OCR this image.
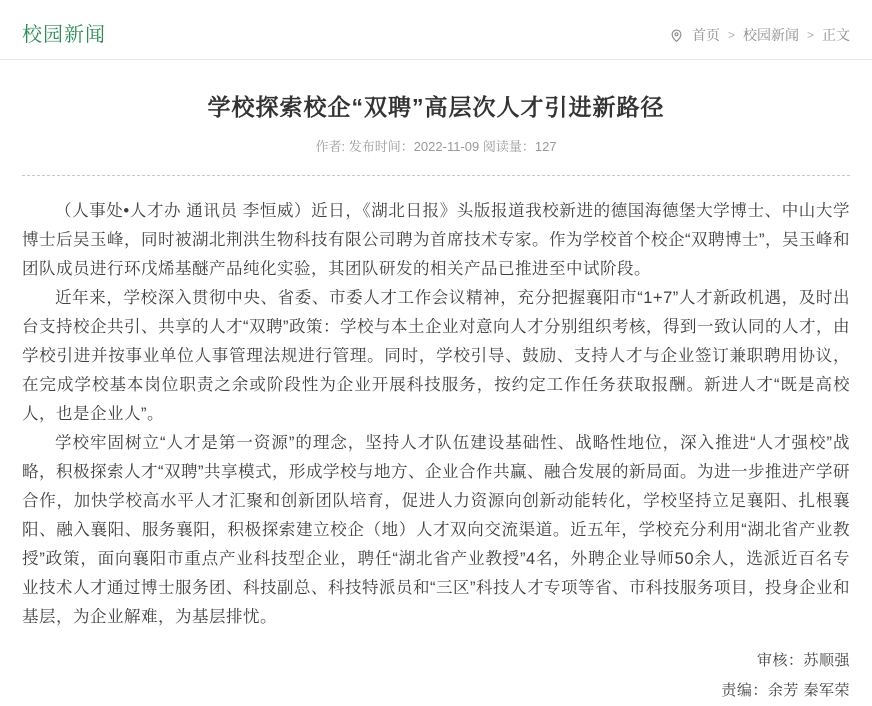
校园新闻	首页 > 校园新闻 > 正文
学校探索校企“双聘”高层次人才引进新路径
作者: 发布时间：2022-11-09 阅读量：127

（人事处•人才办 通讯员 李恒威）近日，《湖北日报》头版报道我校新进的德国海德堡大学博士、中山大学博士后吴玉峰，同时被湖北荆洪生物科技有限公司聘为首席技术专家。作为学校首个校企“双聘博士”，吴玉峰和团队成员进行环戊烯基醚产品纯化实验，其团队研发的相关产品已推进至中试阶段。

近年来，学校深入贯彻中央、省委、市委人才工作会议精神，充分把握襄阳市“1+7”人才新政机遇，及时出台支持校企共引、共享的人才“双聘”政策：学校与本土企业对意向人才分别组织考核，得到一致认同的人才，由学校引进并按事业单位人事管理法规进行管理。同时，学校引导、鼓励、支持人才与企业签订兼职聘用协议，在完成学校基本岗位职责之余或阶段性为企业开展科技服务，按约定工作任务获取报酬。新进人才“既是高校人，也是企业人”。

学校牢固树立“人才是第一资源”的理念，坚持人才队伍建设基础性、战略性地位，深入推进“人才强校”战略，积极探索人才“双聘”共享模式，形成学校与地方、企业合作共赢、融合发展的新局面。为进一步推进产学研合作，加快学校高水平人才汇聚和创新团队培育，促进人力资源向创新动能转化，学校坚持立足襄阳、扎根襄阳、融入襄阳、服务襄阳，积极探索建立校企（地）人才双向交流渠道。近五年，学校充分利用“湖北省产业教授”政策，面向襄阳市重点产业科技型企业，聘任“湖北省产业教授”4名，外聘企业导师50余人，选派近百名专业技术人才通过博士服务团、科技副总、科技特派员和“三区”科技人才专项等省、市科技服务项目，投身企业和基层，为企业解难，为基层排忧。

审核：苏顺强
责编：余芳 秦军荣
